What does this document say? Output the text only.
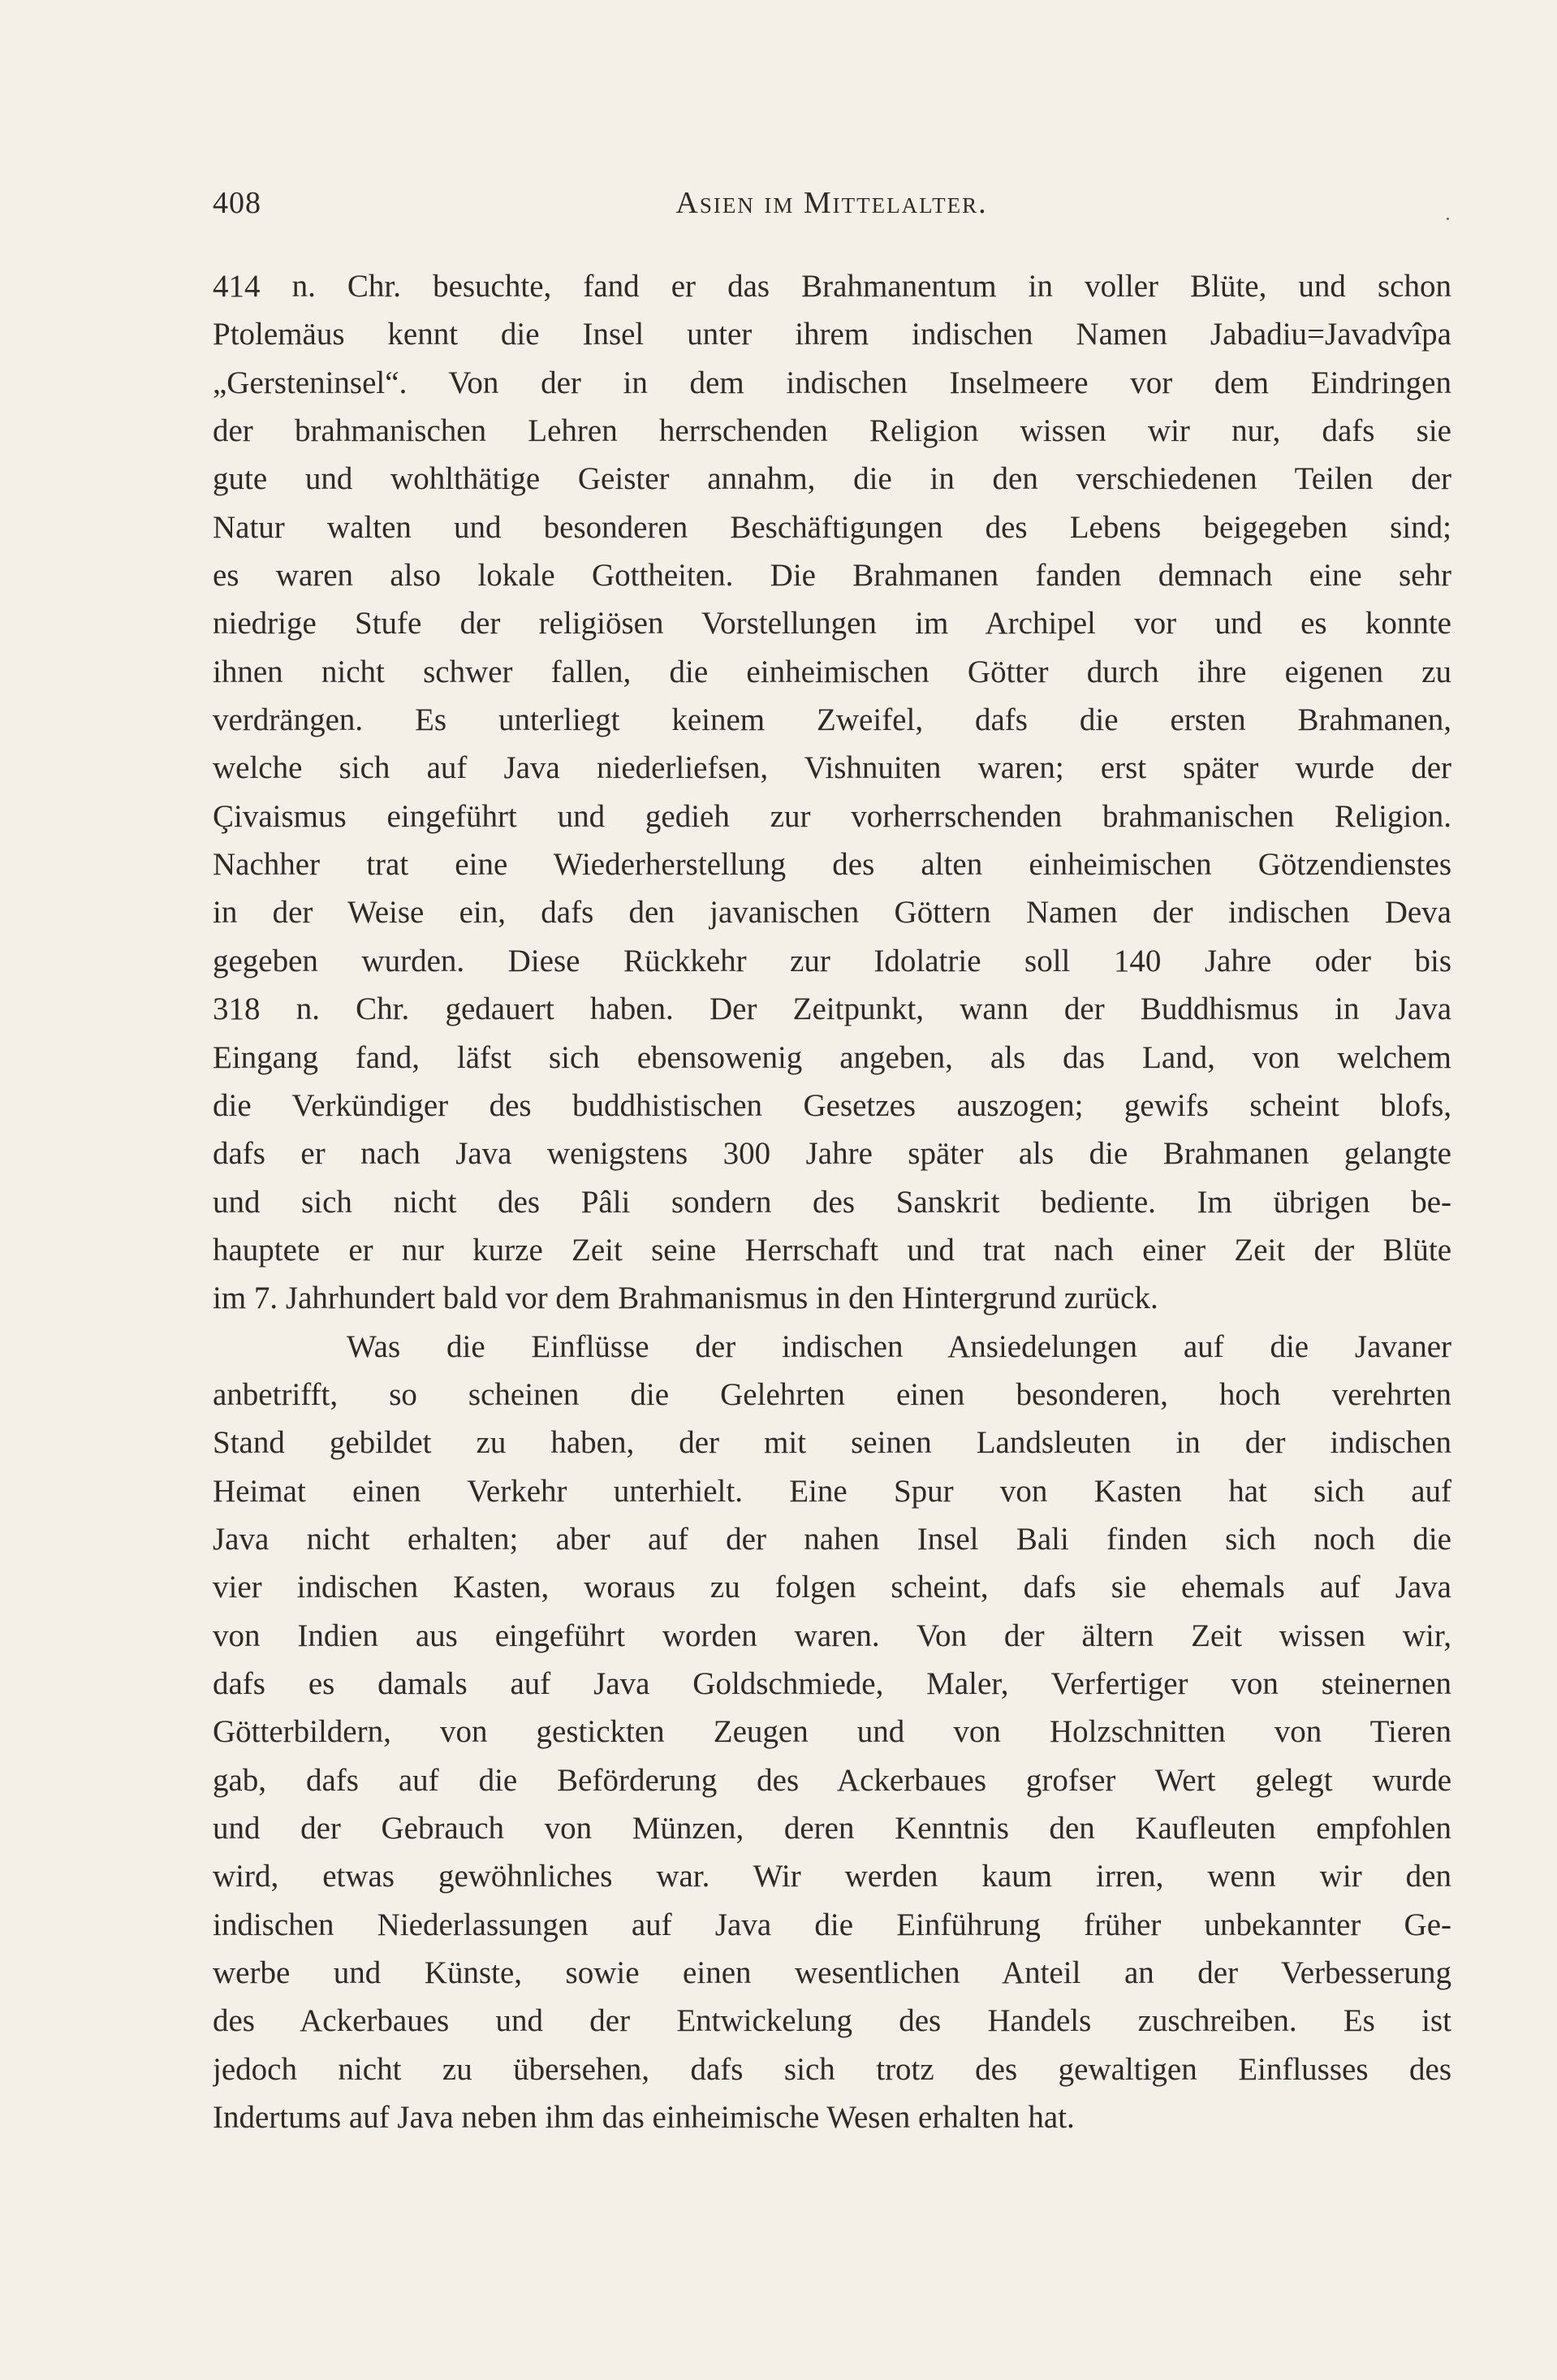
408	Asien im Mittelalter.
414 n. Chr. besuchte, fand er das Brahmanentum in voller Blüte, und schon
Ptolemäus kennt die Insel unter ihrem indischen Namen Jabadiu=Javadvîpa
„Gersteninsel“. Von der in dem indischen Inselmeere vor dem Eindringen
der brahmanischen Lehren herrschenden Religion wissen wir nur, dafs sie
gute und wohlthätige Geister annahm, die in den verschiedenen Teilen der
Natur walten und besonderen Beschäftigungen des Lebens beigegeben sind;
es waren also lokale Gottheiten. Die Brahmanen fanden demnach eine sehr
niedrige Stufe der religiösen Vorstellungen im Archipel vor und es konnte
ihnen nicht schwer fallen, die einheimischen Götter durch ihre eigenen zu
verdrängen. Es unterliegt keinem Zweifel, dafs die ersten Brahmanen,
welche sich auf Java niederliefsen, Vishnuiten waren; erst später wurde der
Çivaismus eingeführt und gedieh zur vorherrschenden brahmanischen Religion.
Nachher trat eine Wiederherstellung des alten einheimischen Götzendienstes
in der Weise ein, dafs den javanischen Göttern Namen der indischen Deva
gegeben wurden. Diese Rückkehr zur Idolatrie soll 140 Jahre oder bis
318 n. Chr. gedauert haben. Der Zeitpunkt, wann der Buddhismus in Java
Eingang fand, läfst sich ebensowenig angeben, als das Land, von welchem
die Verkündiger des buddhistischen Gesetzes auszogen; gewifs scheint blofs,
dafs er nach Java wenigstens 300 Jahre später als die Brahmanen gelangte
und sich nicht des Pâli sondern des Sanskrit bediente. Im übrigen be-
hauptete er nur kurze Zeit seine Herrschaft und trat nach einer Zeit der Blüte
im 7. Jahrhundert bald vor dem Brahmanismus in den Hintergrund zurück.
Was die Einflüsse der indischen Ansiedelungen auf die Javaner
anbetrifft, so scheinen die Gelehrten einen besonderen, hoch verehrten
Stand gebildet zu haben, der mit seinen Landsleuten in der indischen
Heimat einen Verkehr unterhielt. Eine Spur von Kasten hat sich auf
Java nicht erhalten; aber auf der nahen Insel Bali finden sich noch die
vier indischen Kasten, woraus zu folgen scheint, dafs sie ehemals auf Java
von Indien aus eingeführt worden waren. Von der ältern Zeit wissen wir,
dafs es damals auf Java Goldschmiede, Maler, Verfertiger von steinernen
Götterbildern, von gestickten Zeugen und von Holzschnitten von Tieren
gab, dafs auf die Beförderung des Ackerbaues grofser Wert gelegt wurde
und der Gebrauch von Münzen, deren Kenntnis den Kaufleuten empfohlen
wird, etwas gewöhnliches war. Wir werden kaum irren, wenn wir den
indischen Niederlassungen auf Java die Einführung früher unbekannter Ge-
werbe und Künste, sowie einen wesentlichen Anteil an der Verbesserung
des Ackerbaues und der Entwickelung des Handels zuschreiben. Es ist
jedoch nicht zu übersehen, dafs sich trotz des gewaltigen Einflusses des
Indertums auf Java neben ihm das einheimische Wesen erhalten hat.
